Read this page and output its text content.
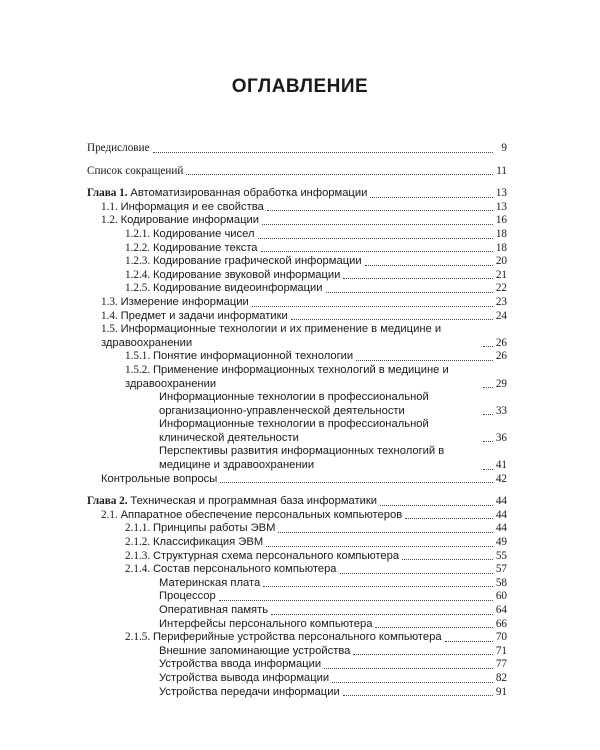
ОГЛАВЛЕНИЕ
Предисловие	9
Список сокращений	11
Глава 1. Автоматизированная обработка информации	13
1.1. Информация и ее свойства	13
1.2. Кодирование информации	16
1.2.1. Кодирование чисел	18
1.2.2. Кодирование текста	18
1.2.3. Кодирование графической информации	20
1.2.4. Кодирование звуковой информации	21
1.2.5. Кодирование видеоинформации	22
1.3. Измерение информации	23
1.4. Предмет и задачи информатики	24
1.5. Информационные технологии и их применение в медицине и здравоохранении	26
1.5.1. Понятие информационной технологии	26
1.5.2. Применение информационных технологий в медицине и здравоохранении	29
Информационные технологии в профессиональной организационно-управленческой деятельности	33
Информационные технологии в профессиональной клинической деятельности	36
Перспективы развития информационных технологий в медицине и здравоохранении	41
Контрольные вопросы	42
Глава 2. Техническая и программная база информатики	44
2.1. Аппаратное обеспечение персональных компьютеров	44
2.1.1. Принципы работы ЭВМ	44
2.1.2. Классификация ЭВМ	49
2.1.3. Структурная схема персонального компьютера	55
2.1.4. Состав персонального компьютера	57
Материнская плата	58
Процессор	60
Оперативная память	64
Интерфейсы персонального компьютера	66
2.1.5. Периферийные устройства персонального компьютера	70
Внешние запоминающие устройства	71
Устройства ввода информации	77
Устройства вывода информации	82
Устройства передачи информации	91
